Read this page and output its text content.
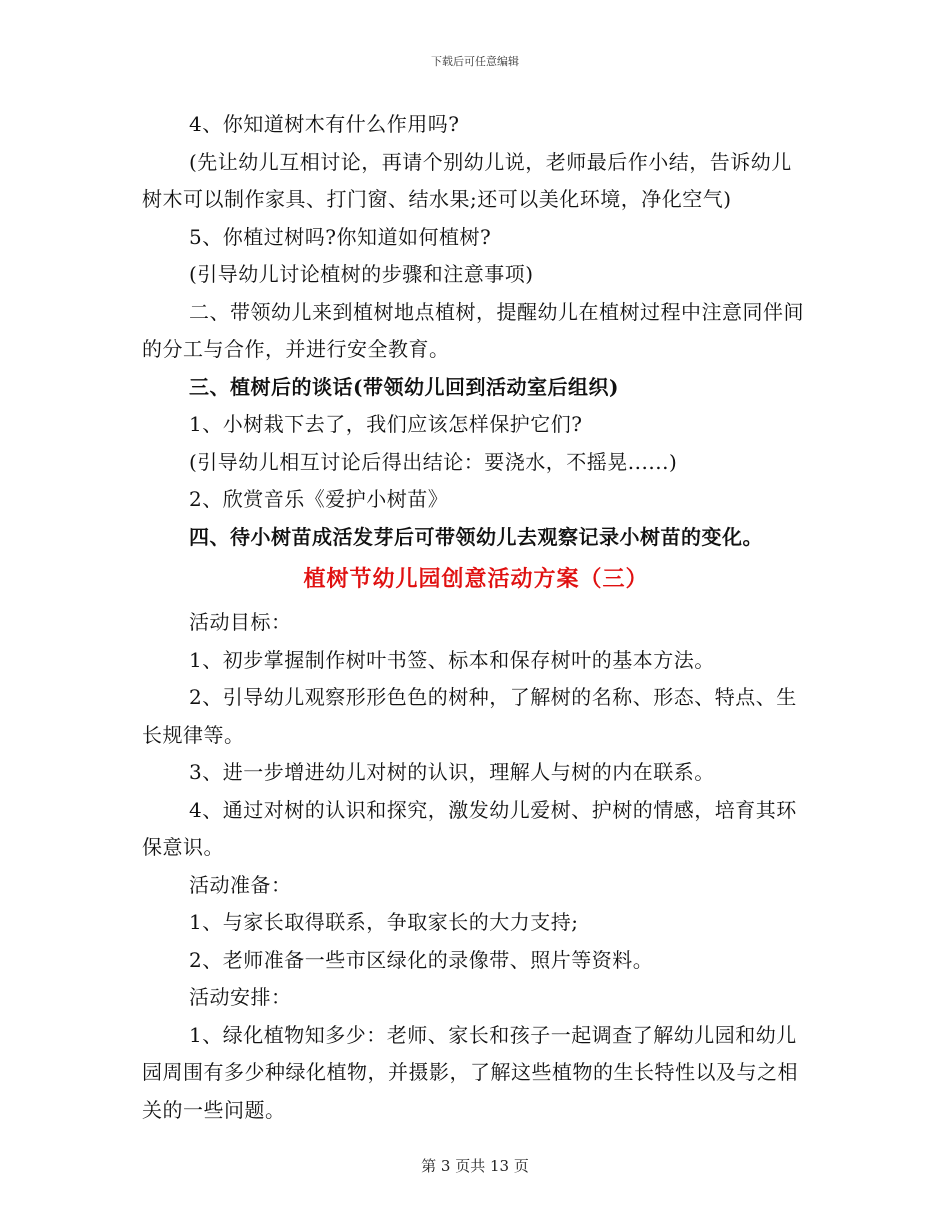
下载后可任意编辑

4、你知道树木有什么作用吗?

(先让幼儿互相讨论，再请个别幼儿说，老师最后作小结，告诉幼儿树木可以制作家具、打门窗、结水果;还可以美化环境，净化空气)

5、你植过树吗?你知道如何植树?

(引导幼儿讨论植树的步骤和注意事项)

二、带领幼儿来到植树地点植树，提醒幼儿在植树过程中注意同伴间的分工与合作，并进行安全教育。

三、植树后的谈话(带领幼儿回到活动室后组织)

1、小树栽下去了，我们应该怎样保护它们?

(引导幼儿相互讨论后得出结论：要浇水，不摇晃......)

2、欣赏音乐《爱护小树苗》

四、待小树苗成活发芽后可带领幼儿去观察记录小树苗的变化。

植树节幼儿园创意活动方案（三）

活动目标：

1、初步掌握制作树叶书签、标本和保存树叶的基本方法。

2、引导幼儿观察形形色色的树种，了解树的名称、形态、特点、生长规律等。

3、进一步增进幼儿对树的认识，理解人与树的内在联系。

4、通过对树的认识和探究，激发幼儿爱树、护树的情感，培育其环保意识。

活动准备：

1、与家长取得联系，争取家长的大力支持;

2、老师准备一些市区绿化的录像带、照片等资料。

活动安排：

1、绿化植物知多少：老师、家长和孩子一起调查了解幼儿园和幼儿园周围有多少种绿化植物，并摄影，了解这些植物的生长特性以及与之相关的一些问题。

第 3 页共 13 页
